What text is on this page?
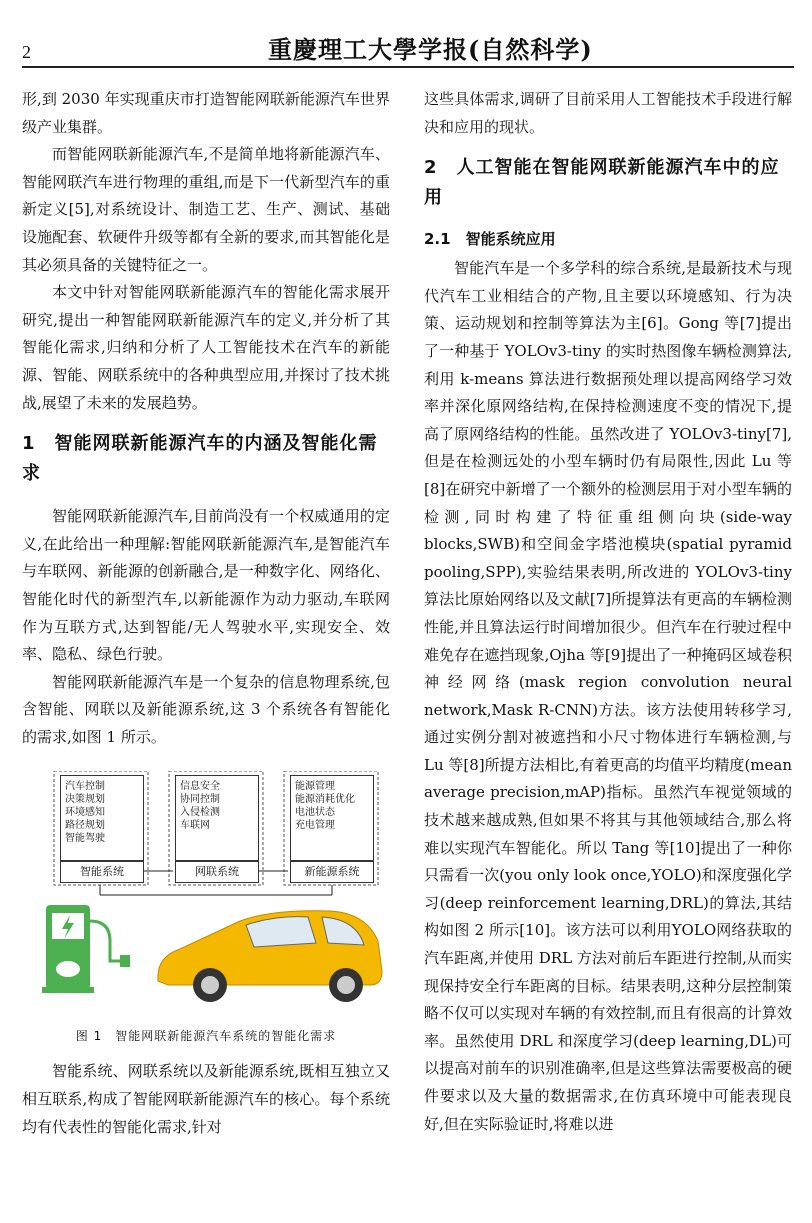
2	重慶理工大學学报(自然科学)

形,到 2030 年实现重庆市打造智能网联新能源汽车世界级产业集群。

而智能网联新能源汽车,不是简单地将新能源汽车、智能网联汽车进行物理的重组,而是下一代新型汽车的重新定义[5],对系统设计、制造工艺、生产、测试、基础设施配套、软硬件升级等都有全新的要求,而其智能化是其必须具备的关键特征之一。

本文中针对智能网联新能源汽车的智能化需求展开研究,提出一种智能网联新能源汽车的定义,并分析了其智能化需求,归纳和分析了人工智能技术在汽车的新能源、智能、网联系统中的各种典型应用,并探讨了技术挑战,展望了未来的发展趋势。

1　智能网联新能源汽车的内涵及智能化需求

智能网联新能源汽车,目前尚没有一个权威通用的定义,在此给出一种理解:智能网联新能源汽车,是智能汽车与车联网、新能源的创新融合,是一种数字化、网络化、智能化时代的新型汽车,以新能源作为动力驱动,车联网作为互联方式,达到智能/无人驾驶水平,实现安全、效率、隐私、绿色行驶。

智能网联新能源汽车是一个复杂的信息物理系统,包含智能、网联以及新能源系统,这 3 个系统各有智能化的需求,如图 1 所示。

汽车控制
决策规划
环境感知
路径规划
智能驾驶
信息安全
协同控制
入侵检测
车联网
能源管理
能源消耗优化
电池状态
充电管理
智能系统	网联系统	新能源系统
图 1　智能网联新能源汽车系统的智能化需求

智能系统、网联系统以及新能源系统,既相互独立又相互联系,构成了智能网联新能源汽车的核心。每个系统均有代表性的智能化需求,针对

这些具体需求,调研了目前采用人工智能技术手段进行解决和应用的现状。

2　人工智能在智能网联新能源汽车中的应用
2.1　智能系统应用

智能汽车是一个多学科的综合系统,是最新技术与现代汽车工业相结合的产物,且主要以环境感知、行为决策、运动规划和控制等算法为主[6]。Gong 等[7]提出了一种基于 YOLOv3-tiny 的实时热图像车辆检测算法,利用 k-means 算法进行数据预处理以提高网络学习效率并深化原网络结构,在保持检测速度不变的情况下,提高了原网络结构的性能。虽然改进了 YOLOv3-tiny[7],但是在检测远处的小型车辆时仍有局限性,因此 Lu 等[8]在研究中新增了一个额外的检测层用于对小型车辆的检测,同时构建了特征重组侧向块(side-way blocks,SWB)和空间金字塔池模块(spatial pyramid pooling,SPP),实验结果表明,所改进的 YOLOv3-tiny 算法比原始网络以及文献[7]所提算法有更高的车辆检测性能,并且算法运行时间增加很少。但汽车在行驶过程中难免存在遮挡现象,Ojha 等[9]提出了一种掩码区域卷积神经网络(mask region convolution neural network,Mask R-CNN)方法。该方法使用转移学习,通过实例分割对被遮挡和小尺寸物体进行车辆检测,与 Lu 等[8]所提方法相比,有着更高的均值平均精度(mean average precision,mAP)指标。虽然汽车视觉领域的技术越来越成熟,但如果不将其与其他领域结合,那么将难以实现汽车智能化。所以 Tang 等[10]提出了一种你只需看一次(you only look once,YOLO)和深度强化学习(deep reinforcement learning,DRL)的算法,其结构如图 2 所示[10]。该方法可以利用YOLO网络获取的汽车距离,并使用 DRL 方法对前后车距进行控制,从而实现保持安全行车距离的目标。结果表明,这种分层控制策略不仅可以实现对车辆的有效控制,而且有很高的计算效率。虽然使用 DRL 和深度学习(deep learning,DL)可以提高对前车的识别准确率,但是这些算法需要极高的硬件要求以及大量的数据需求,在仿真环境中可能表现良好,但在实际验证时,将难以进
